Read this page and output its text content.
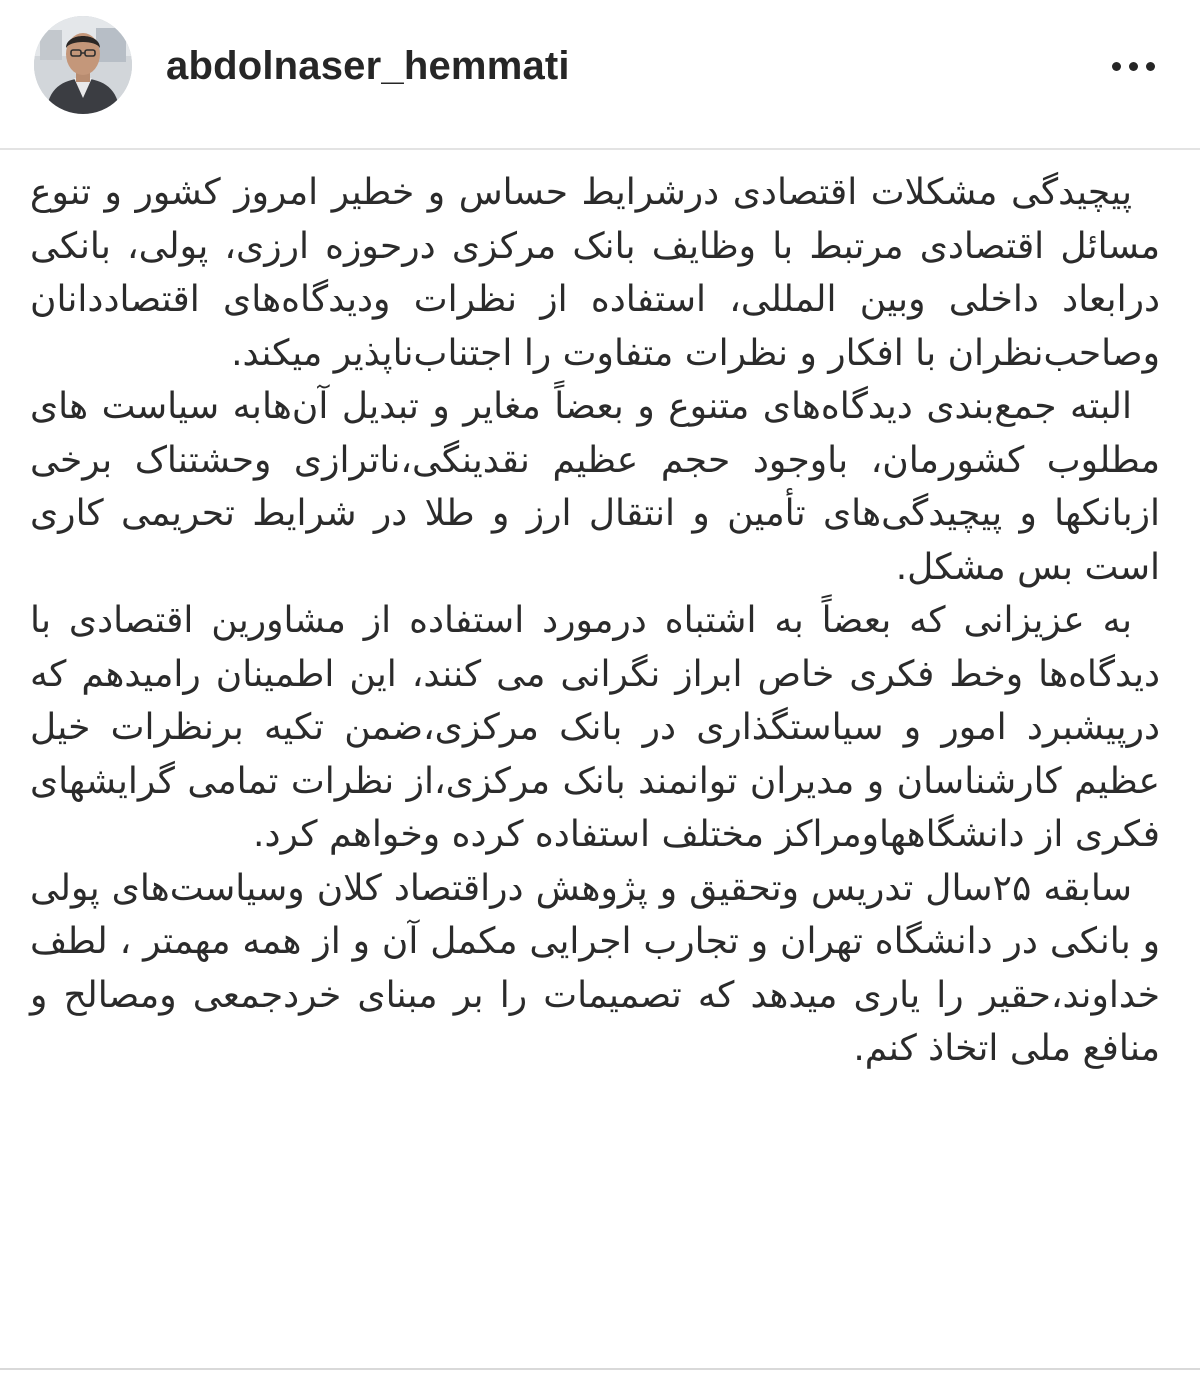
abdolnaser_hemmati

پیچیدگی مشکلات اقتصادی درشرایط حساس و خطیر امروز کشور و تنوع مسائل اقتصادی مرتبط با وظایف بانک مرکزی درحوزه ارزی، پولی، بانکی درابعاد داخلی وبین المللی، استفاده از نظرات ودیدگاه‌های اقتصاددانان وصاحب‌نظران با افکار و نظرات متفاوت را اجتناب‌ناپذیر میکند.

البته جمع‌بندی دیدگاه‌های متنوع و بعضاً مغایر و تبدیل آن‌هابه سیاست های مطلوب کشورمان، باوجود حجم عظیم نقدینگی،ناترازی وحشتناک برخی ازبانکها و پیچیدگی‌های تأمین و انتقال ارز و طلا در شرایط تحریمی کاری است بس مشکل.

به عزیزانی که بعضاً به اشتباه درمورد استفاده از مشاورین اقتصادی با دیدگاه‌ها وخط فکری خاص ابراز نگرانی می کنند، این اطمینان رامیدهم که درپیشبرد امور و سیاستگذاری در بانک مرکزی،ضمن تکیه برنظرات خیل عظیم کارشناسان و مدیران توانمند بانک مرکزی،از نظرات تمامی گرایشهای فکری از دانشگاهها‌ومراکز مختلف استفاده کرده وخواهم کرد.

سابقه ۲۵سال تدریس وتحقیق و پژوهش دراقتصاد کلان وسیاست‌های پولی و بانکی در دانشگاه تهران و تجارب اجرایی مکمل آن و از همه مهمتر ، لطف خداوند،حقیر را یاری میدهد که تصمیمات را بر مبنای خردجمعی ومصالح و منافع ملی اتخاذ کنم.
